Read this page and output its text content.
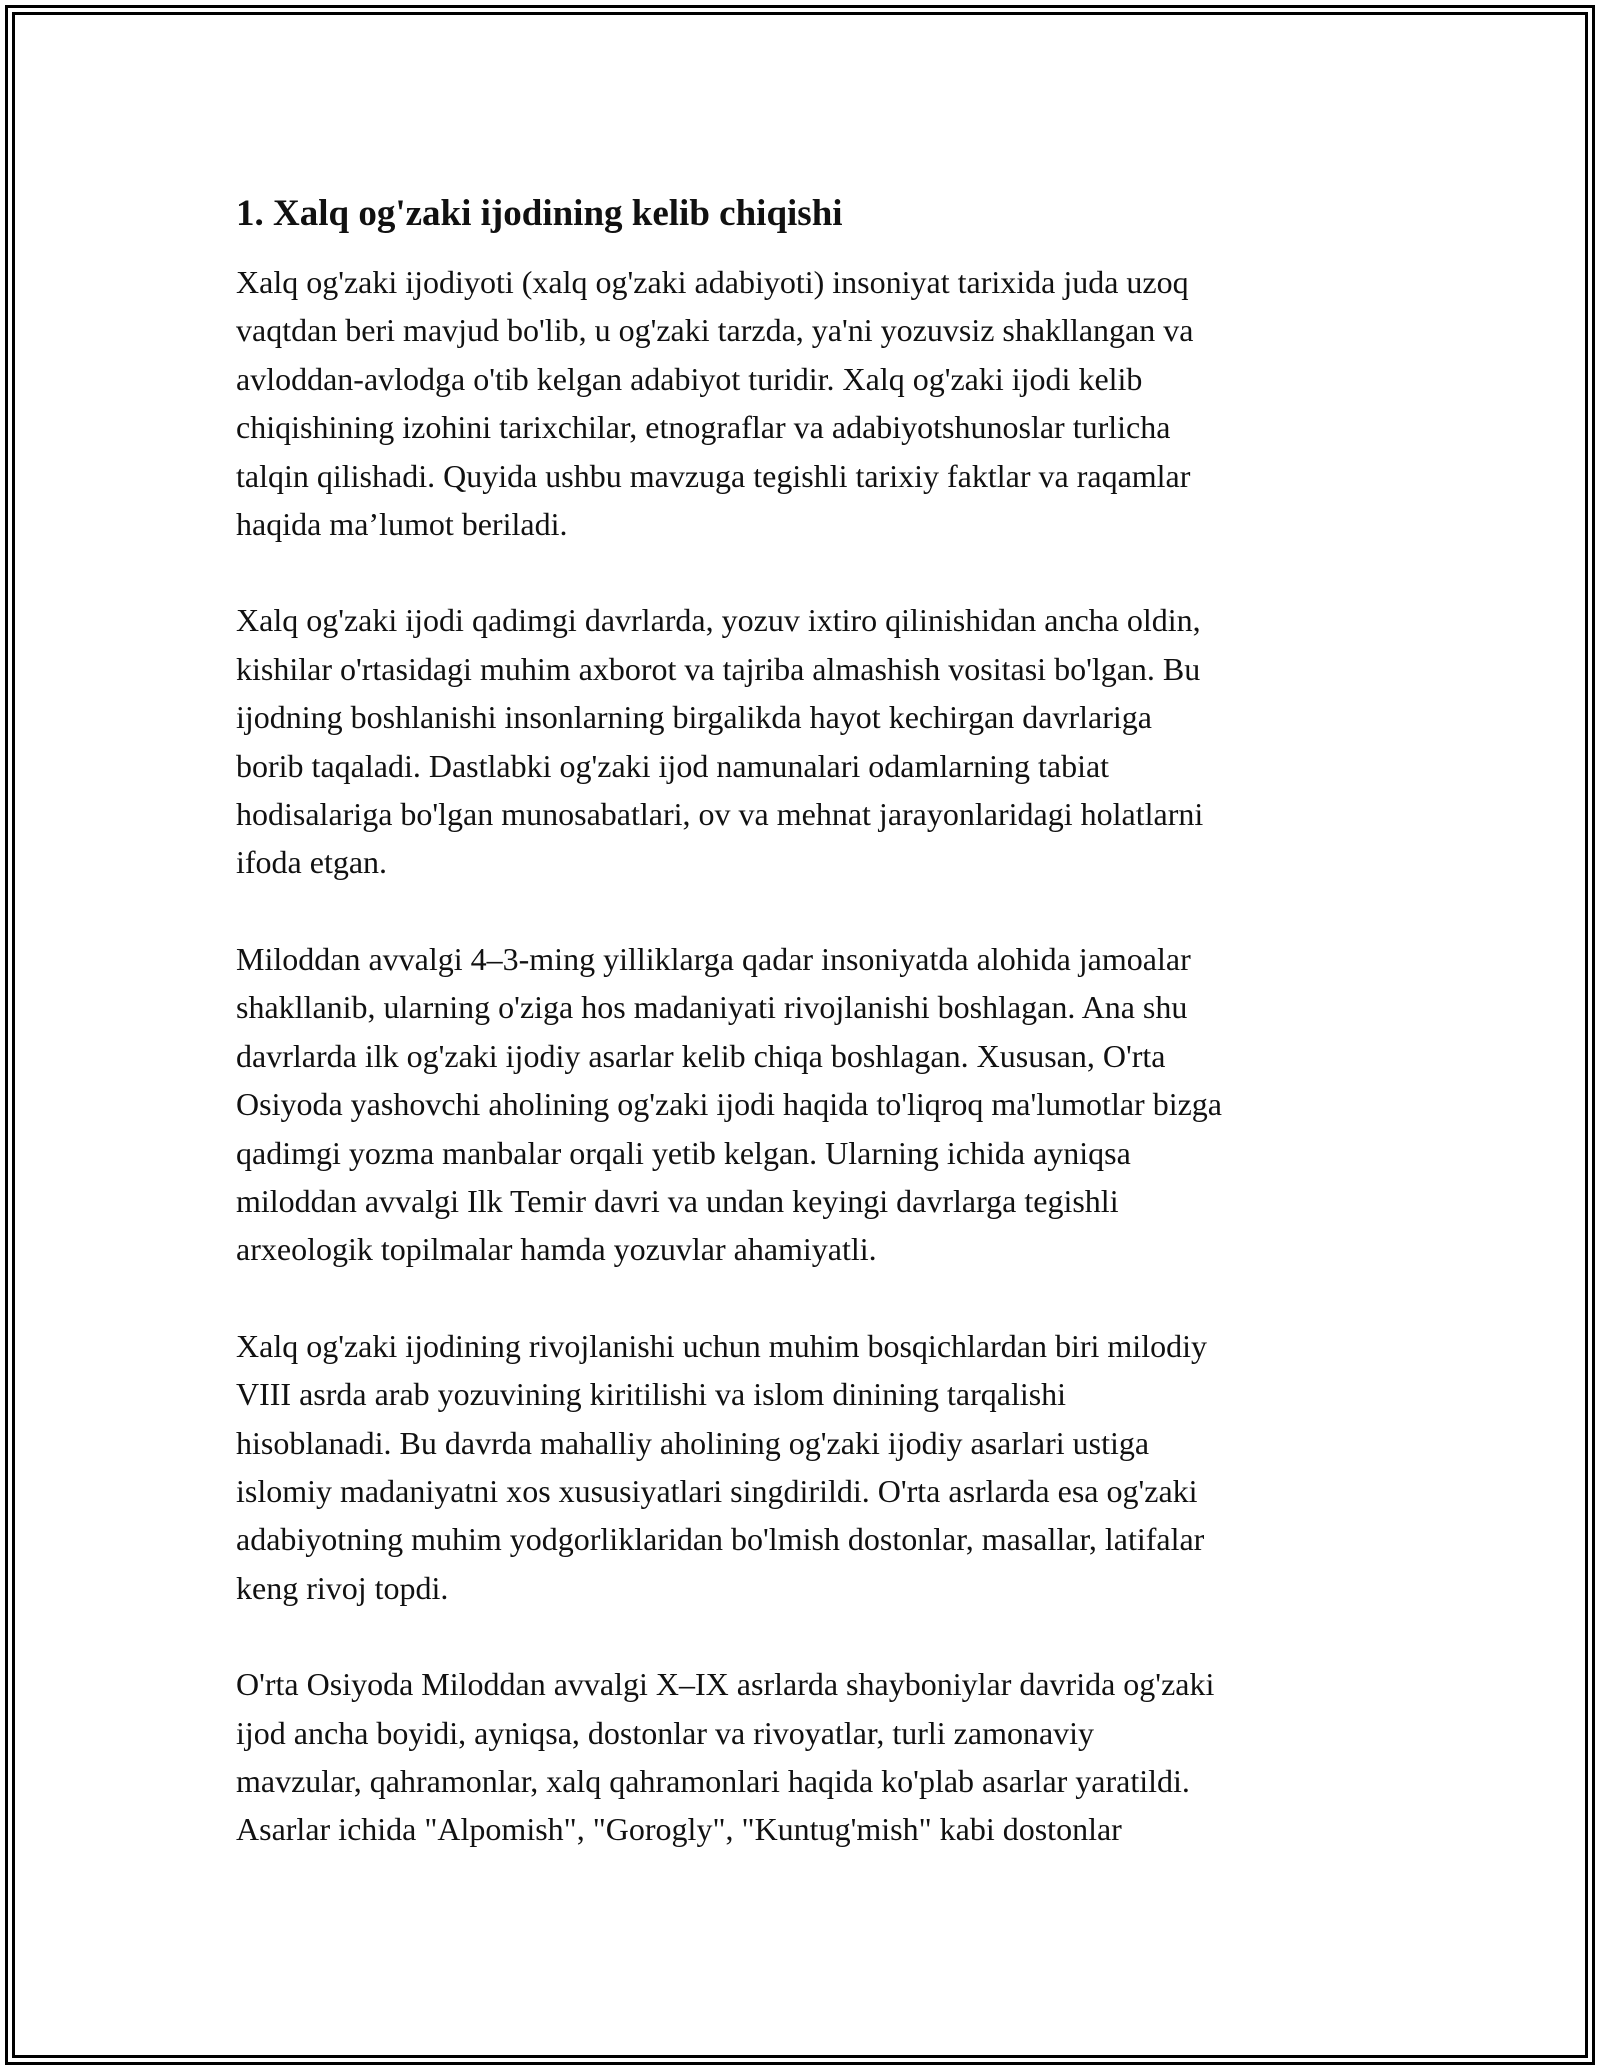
1. Xalq og'zaki ijodining kelib chiqishi
Xalq og'zaki ijodiyoti (xalq og'zaki adabiyoti) insoniyat tarixida juda uzoq
vaqtdan beri mavjud bo'lib, u og'zaki tarzda, ya'ni yozuvsiz shakllangan va
avloddan-avlodga o'tib kelgan adabiyot turidir. Xalq og'zaki ijodi kelib
chiqishining izohini tarixchilar, etnograflar va adabiyotshunoslar turlicha
talqin qilishadi. Quyida ushbu mavzuga tegishli tarixiy faktlar va raqamlar
haqida ma’lumot beriladi.
Xalq og'zaki ijodi qadimgi davrlarda, yozuv ixtiro qilinishidan ancha oldin,
kishilar o'rtasidagi muhim axborot va tajriba almashish vositasi bo'lgan. Bu
ijodning boshlanishi insonlarning birgalikda hayot kechirgan davrlariga
borib taqaladi. Dastlabki og'zaki ijod namunalari odamlarning tabiat
hodisalariga bo'lgan munosabatlari, ov va mehnat jarayonlaridagi holatlarni
ifoda etgan.
Miloddan avvalgi 4–3-ming yilliklarga qadar insoniyatda alohida jamoalar
shakllanib, ularning o'ziga hos madaniyati rivojlanishi boshlagan. Ana shu
davrlarda ilk og'zaki ijodiy asarlar kelib chiqa boshlagan. Xususan, O'rta
Osiyoda yashovchi aholining og'zaki ijodi haqida to'liqroq ma'lumotlar bizga
qadimgi yozma manbalar orqali yetib kelgan. Ularning ichida ayniqsa
miloddan avvalgi Ilk Temir davri va undan keyingi davrlarga tegishli
arxeologik topilmalar hamda yozuvlar ahamiyatli.
Xalq og'zaki ijodining rivojlanishi uchun muhim bosqichlardan biri milodiy
VIII asrda arab yozuvining kiritilishi va islom dinining tarqalishi
hisoblanadi. Bu davrda mahalliy aholining og'zaki ijodiy asarlari ustiga
islomiy madaniyatni xos xususiyatlari singdirildi. O'rta asrlarda esa og'zaki
adabiyotning muhim yodgorliklaridan bo'lmish dostonlar, masallar, latifalar
keng rivoj topdi.
O'rta Osiyoda Miloddan avvalgi X–IX asrlarda shayboniylar davrida og'zaki
ijod ancha boyidi, ayniqsa, dostonlar va rivoyatlar, turli zamonaviy
mavzular, qahramonlar, xalq qahramonlari haqida ko'plab asarlar yaratildi.
Asarlar ichida "Alpomish", "Gorogly", "Kuntug'mish" kabi dostonlar
